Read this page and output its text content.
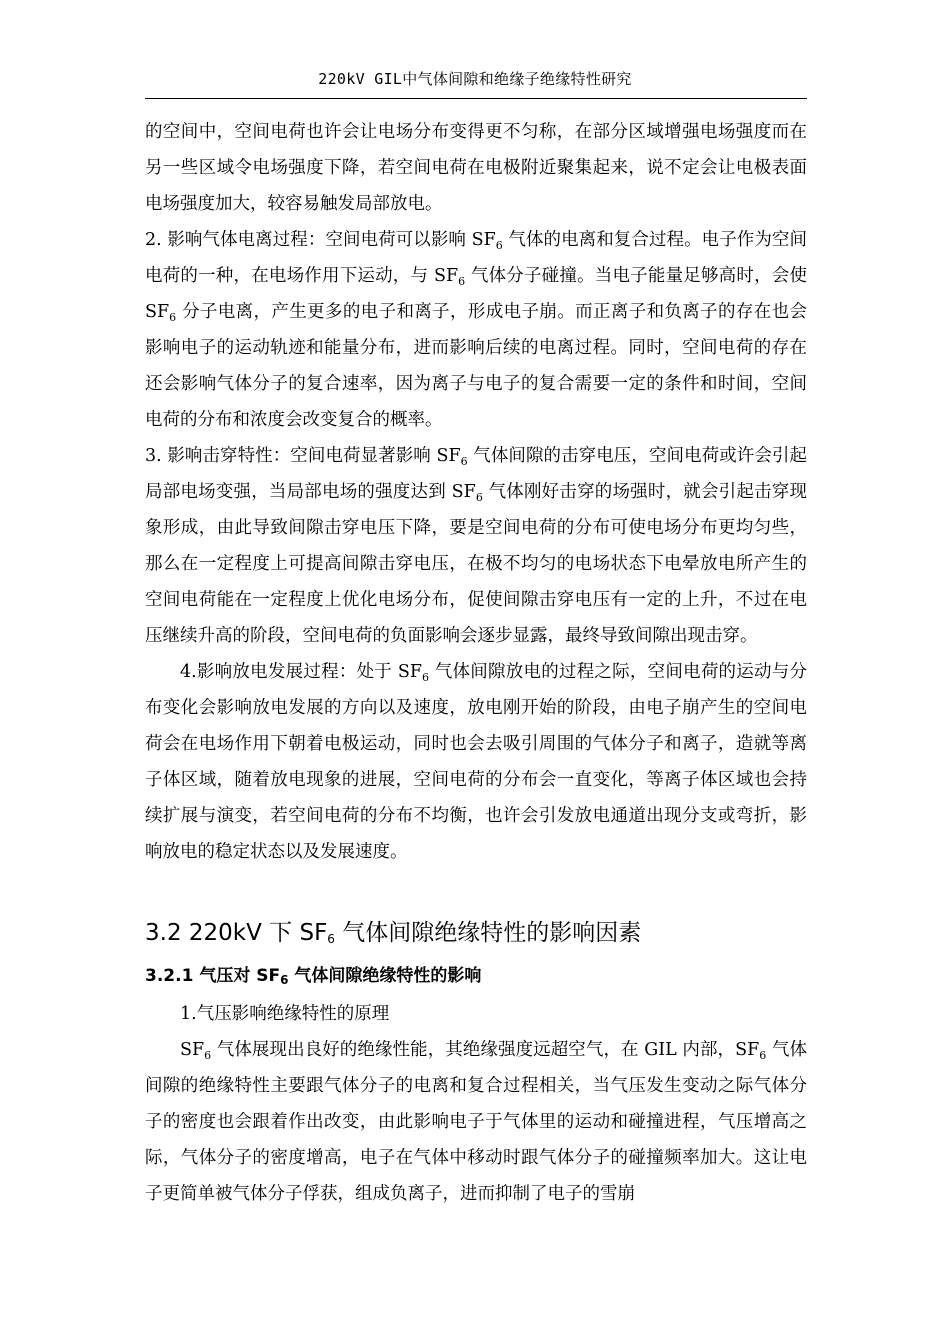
220kV GIL中气体间隙和绝缘子绝缘特性研究

的空间中，空间电荷也许会让电场分布变得更不匀称，在部分区域增强电场强度而在另一些区域令电场强度下降，若空间电荷在电极附近聚集起来，说不定会让电极表面电场强度加大，较容易触发局部放电。

2. 影响气体电离过程：空间电荷可以影响 $SF_6$ 气体的电离和复合过程。电子作为空间电荷的一种，在电场作用下运动，与 $SF_6$ 气体分子碰撞。当电子能量足够高时，会使 $SF_6$ 分子电离，产生更多的电子和离子，形成电子崩。而正离子和负离子的存在也会影响电子的运动轨迹和能量分布，进而影响后续的电离过程。同时，空间电荷的存在还会影响气体分子的复合速率，因为离子与电子的复合需要一定的条件和时间，空间电荷的分布和浓度会改变复合的概率。

3. 影响击穿特性：空间电荷显著影响 $SF_6$ 气体间隙的击穿电压，空间电荷或许会引起局部电场变强，当局部电场的强度达到 $SF_6$ 气体刚好击穿的场强时，就会引起击穿现象形成，由此导致间隙击穿电压下降，要是空间电荷的分布可使电场分布更均匀些，那么在一定程度上可提高间隙击穿电压，在极不均匀的电场状态下电晕放电所产生的空间电荷能在一定程度上优化电场分布，促使间隙击穿电压有一定的上升，不过在电压继续升高的阶段，空间电荷的负面影响会逐步显露，最终导致间隙出现击穿。

4.影响放电发展过程：处于 $SF_6$ 气体间隙放电的过程之际，空间电荷的运动与分布变化会影响放电发展的方向以及速度，放电刚开始的阶段，由电子崩产生的空间电荷会在电场作用下朝着电极运动，同时也会去吸引周围的气体分子和离子，造就等离子体区域，随着放电现象的进展，空间电荷的分布会一直变化，等离子体区域也会持续扩展与演变，若空间电荷的分布不均衡，也许会引发放电通道出现分支或弯折，影响放电的稳定状态以及发展速度。

3.2 220kV 下 $SF_6$ 气体间隙绝缘特性的影响因素
3.2.1 气压对 $SF_6$ 气体间隙绝缘特性的影响

1.气压影响绝缘特性的原理

$SF_6$ 气体展现出良好的绝缘性能，其绝缘强度远超空气，在 GIL 内部，$SF_6$ 气体间隙的绝缘特性主要跟气体分子的电离和复合过程相关，当气压发生变动之际气体分子的密度也会跟着作出改变，由此影响电子于气体里的运动和碰撞进程，气压增高之际，气体分子的密度增高，电子在气体中移动时跟气体分子的碰撞频率加大。这让电子更简单被气体分子俘获，组成负离子，进而抑制了电子的雪崩
